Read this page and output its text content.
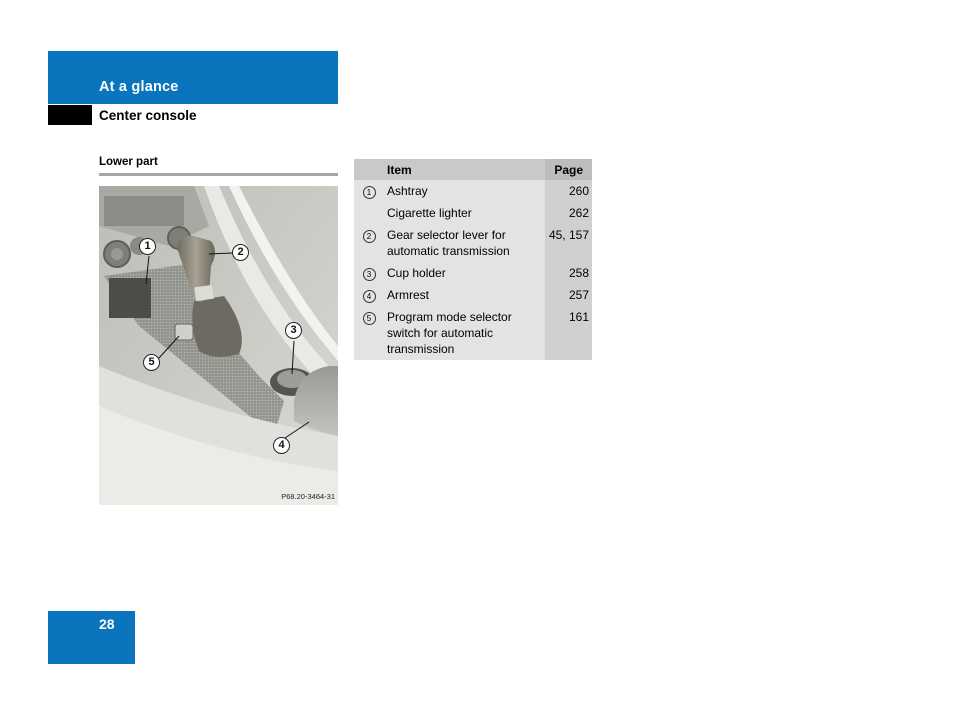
At a glance
Center console
Lower part
1	2
3
4
5
P68.20-3464-31
	Item	Page
1	Ashtray	260
	Cigarette lighter	262
2	Gear selector lever for automatic transmission	45, 157
3	Cup holder	258
4	Armrest	257
5	Program mode selector switch for automatic transmission	161
28
